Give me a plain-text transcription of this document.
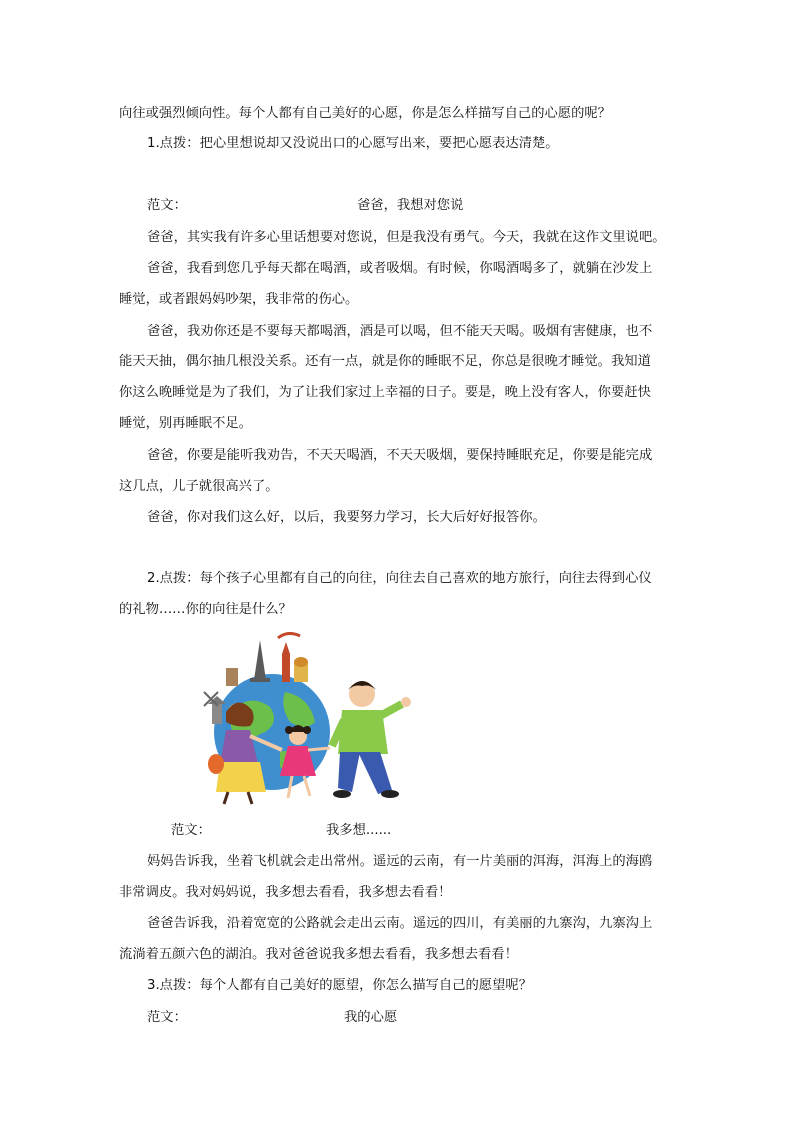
向往或强烈倾向性。每个人都有自己美好的心愿，你是怎么样描写自己的心愿的呢？
1.点拨：把心里想说却又没说出口的心愿写出来，要把心愿表达清楚。
范文：	爸爸，我想对您说
爸爸，其实我有许多心里话想要对您说，但是我没有勇气。今天，我就在这作文里说吧。
爸爸，我看到您几乎每天都在喝酒，或者吸烟。有时候，你喝酒喝多了，就躺在沙发上
睡觉，或者跟妈妈吵架，我非常的伤心。
爸爸，我劝你还是不要每天都喝酒，酒是可以喝，但不能天天喝。吸烟有害健康，也不
能天天抽，偶尔抽几根没关系。还有一点，就是你的睡眠不足，你总是很晚才睡觉。我知道
你这么晚睡觉是为了我们，为了让我们家过上幸福的日子。要是，晚上没有客人，你要赶快
睡觉，别再睡眠不足。
爸爸，你要是能听我劝告，不天天喝酒，不天天吸烟，要保持睡眠充足，你要是能完成
这几点，儿子就很高兴了。
爸爸，你对我们这么好，以后，我要努力学习，长大后好好报答你。
2.点拨：每个孩子心里都有自己的向往，向往去自己喜欢的地方旅行，向往去得到心仪
的礼物……你的向往是什么？
范文：	我多想......
妈妈告诉我，坐着飞机就会走出常州。遥远的云南，有一片美丽的洱海，洱海上的海鸥
非常调皮。我对妈妈说，我多想去看看，我多想去看看！
爸爸告诉我，沿着宽宽的公路就会走出云南。遥远的四川，有美丽的九寨沟，九寨沟上
流淌着五颜六色的湖泊。我对爸爸说我多想去看看，我多想去看看！
3.点拨：每个人都有自己美好的愿望，你怎么描写自己的愿望呢？
范文：	我的心愿
